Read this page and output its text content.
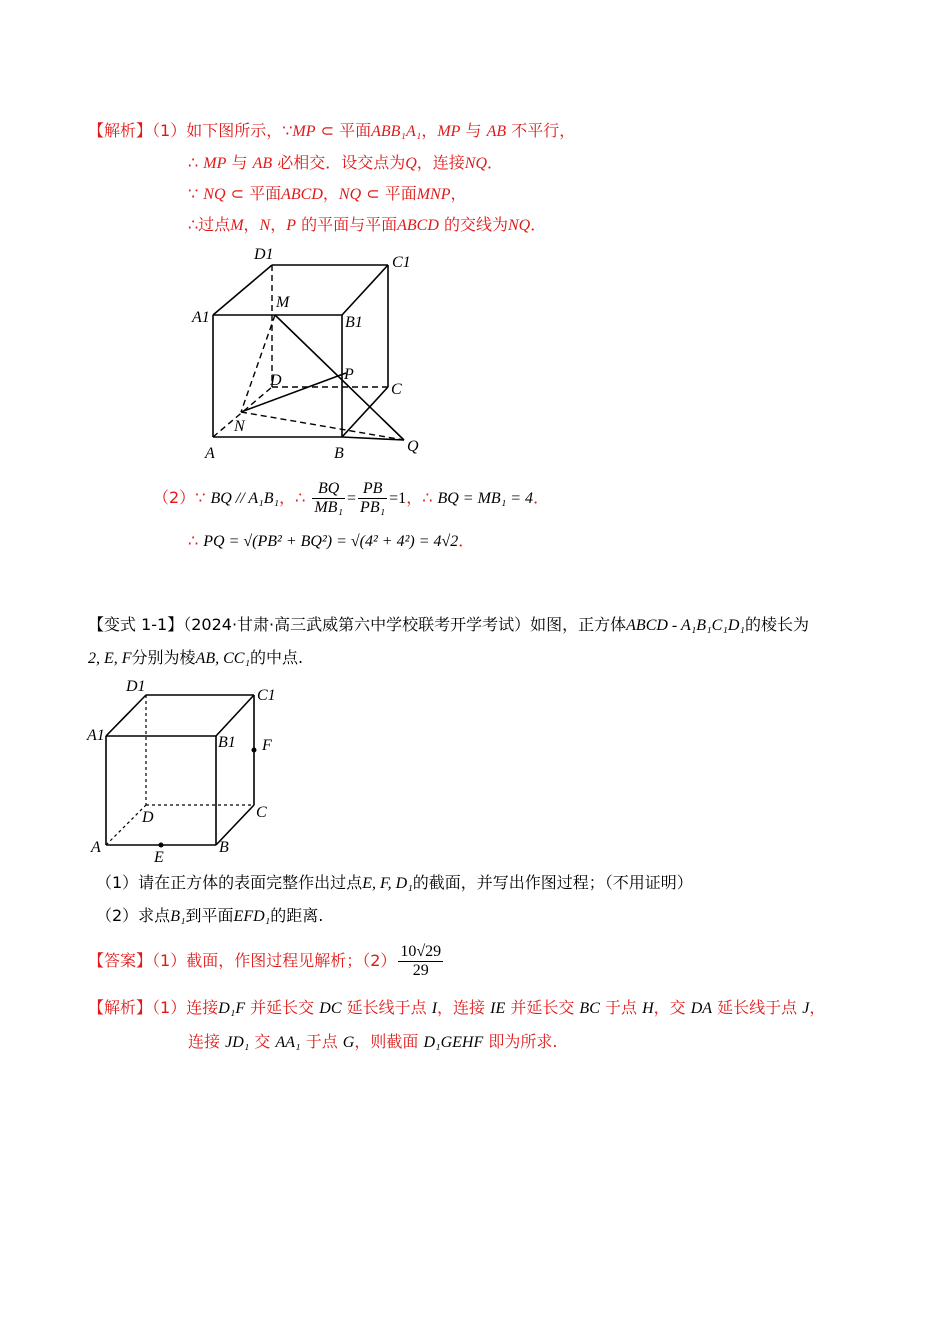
【解析】（1）如下图所示，∵MP ⊂ 平面ABB₁A₁，MP 与 AB 不平行，
∴ MP 与 AB 必相交．设交点为Q，连接NQ．
∵ NQ ⊂ 平面ABCD，NQ ⊂ 平面MNP，
∴过点M，N，P 的平面与平面ABCD 的交线为NQ．
D1	C1
A1
M
B1
D	P
C
N
A	B	Q
（2）∵ BQ // A₁B₁，∴ $\frac{BQ}{\text{MB₁}} = \frac{PB}{\text{PB₁}} =1$，∴ BQ = MB₁ = 4．
∴ PQ = √(PB² + BQ²) = √(4² + 4²) = 4√2．
【变式 1-1】（2024·甘肃·高三武威第六中学校联考开学考试）如图，正方体ABCD - A₁B₁C₁D₁的棱长为
2, E, F分别为棱AB, CC₁的中点.
D1
C1
A1	B1 F
D	C
A
E
B
（1）请在正方体的表面完整作出过点E, F, D₁的截面，并写出作图过程；（不用证明）
（2）求点B₁到平面EFD₁的距离.
【答案】（1）截面，作图过程见解析；$(2) \frac{10√29}{29}$
【解析】（1）连接D₁F 并延长交 DC 延长线于点 I，连接 IE 并延长交 BC 于点 H，交 DA 延长线于点 J，
连接 JD₁ 交 AA₁ 于点 G，则截面 D₁GEHF 即为所求.
